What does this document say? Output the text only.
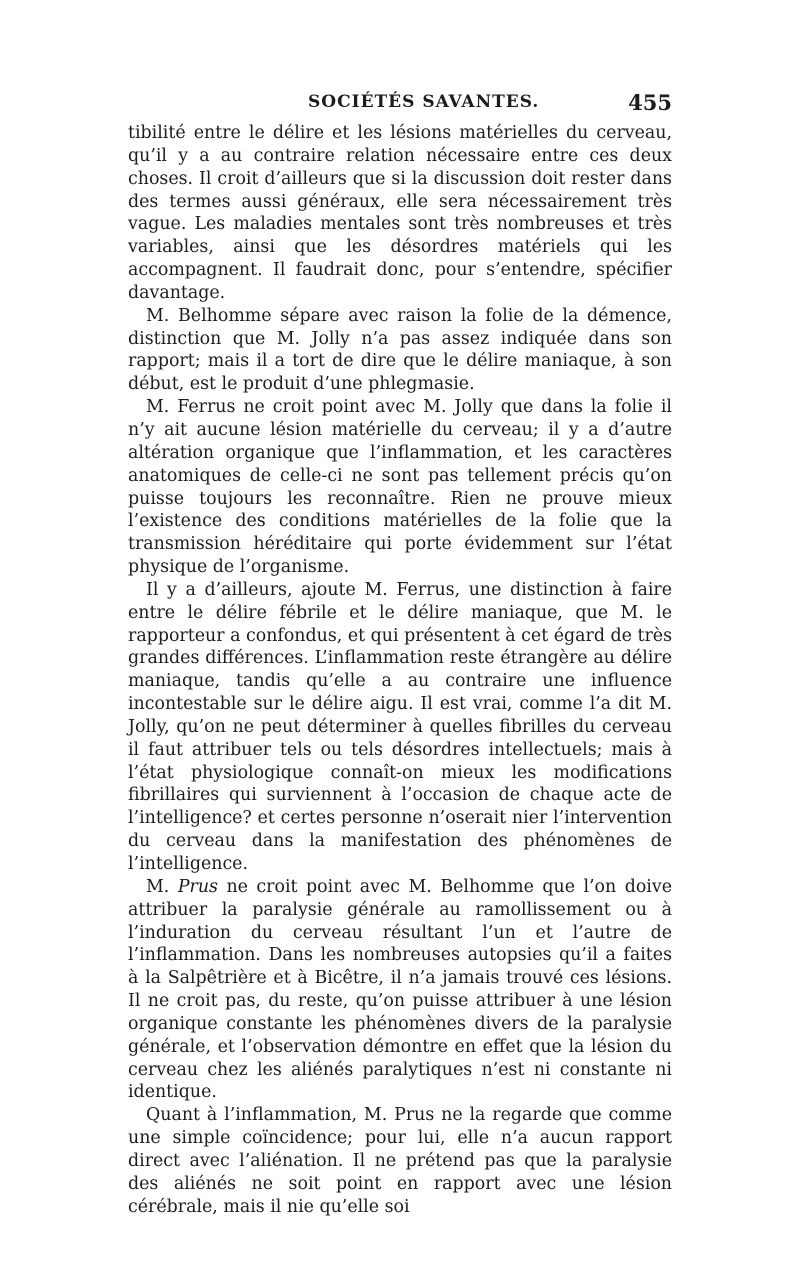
SOCIÉTÉS SAVANTES.	455

tibilité entre le délire et les lésions matérielles du cerveau, qu’il y a au contraire relation nécessaire entre ces deux choses. Il croit d’ailleurs que si la discussion doit rester dans des termes aussi généraux, elle sera nécessairement très vague. Les maladies mentales sont très nombreuses et très variables, ainsi que les désordres matériels qui les accompagnent. Il faudrait donc, pour s’entendre, spécifier davantage.

M. Belhomme sépare avec raison la folie de la démence, distinction que M. Jolly n’a pas assez indiquée dans son rapport; mais il a tort de dire que le délire maniaque, à son début, est le produit d’une phlegmasie.

M. Ferrus ne croit point avec M. Jolly que dans la folie il n’y ait aucune lésion matérielle du cerveau; il y a d’autre altération organique que l’inflammation, et les caractères anatomiques de celle-ci ne sont pas tellement précis qu’on puisse toujours les reconnaître. Rien ne prouve mieux l’existence des conditions matérielles de la folie que la transmission héréditaire qui porte évidemment sur l’état physique de l’organisme.

Il y a d’ailleurs, ajoute M. Ferrus, une distinction à faire entre le délire fébrile et le délire maniaque, que M. le rapporteur a confondus, et qui présentent à cet égard de très grandes différences. L’inflammation reste étrangère au délire maniaque, tandis qu’elle a au contraire une influence incontestable sur le délire aigu. Il est vrai, comme l’a dit M. Jolly, qu’on ne peut déterminer à quelles fibrilles du cerveau il faut attribuer tels ou tels désordres intellectuels; mais à l’état physiologique connaît-on mieux les modifications fibrillaires qui surviennent à l’occasion de chaque acte de l’intelligence? et certes personne n’oserait nier l’intervention du cerveau dans la manifestation des phénomènes de l’intelligence.

M. Prus ne croit point avec M. Belhomme que l’on doive attribuer la paralysie générale au ramollissement ou à l’induration du cerveau résultant l’un et l’autre de l’inflammation. Dans les nombreuses autopsies qu’il a faites à la Salpêtrière et à Bicêtre, il n’a jamais trouvé ces lésions. Il ne croit pas, du reste, qu’on puisse attribuer à une lésion organique constante les phénomènes divers de la paralysie générale, et l’observation démontre en effet que la lésion du cerveau chez les aliénés paralytiques n’est ni constante ni identique.

Quant à l’inflammation, M. Prus ne la regarde que comme une simple coïncidence; pour lui, elle n’a aucun rapport direct avec l’aliénation. Il ne prétend pas que la paralysie des aliénés ne soit point en rapport avec une lésion cérébrale, mais il nie qu’elle soi
